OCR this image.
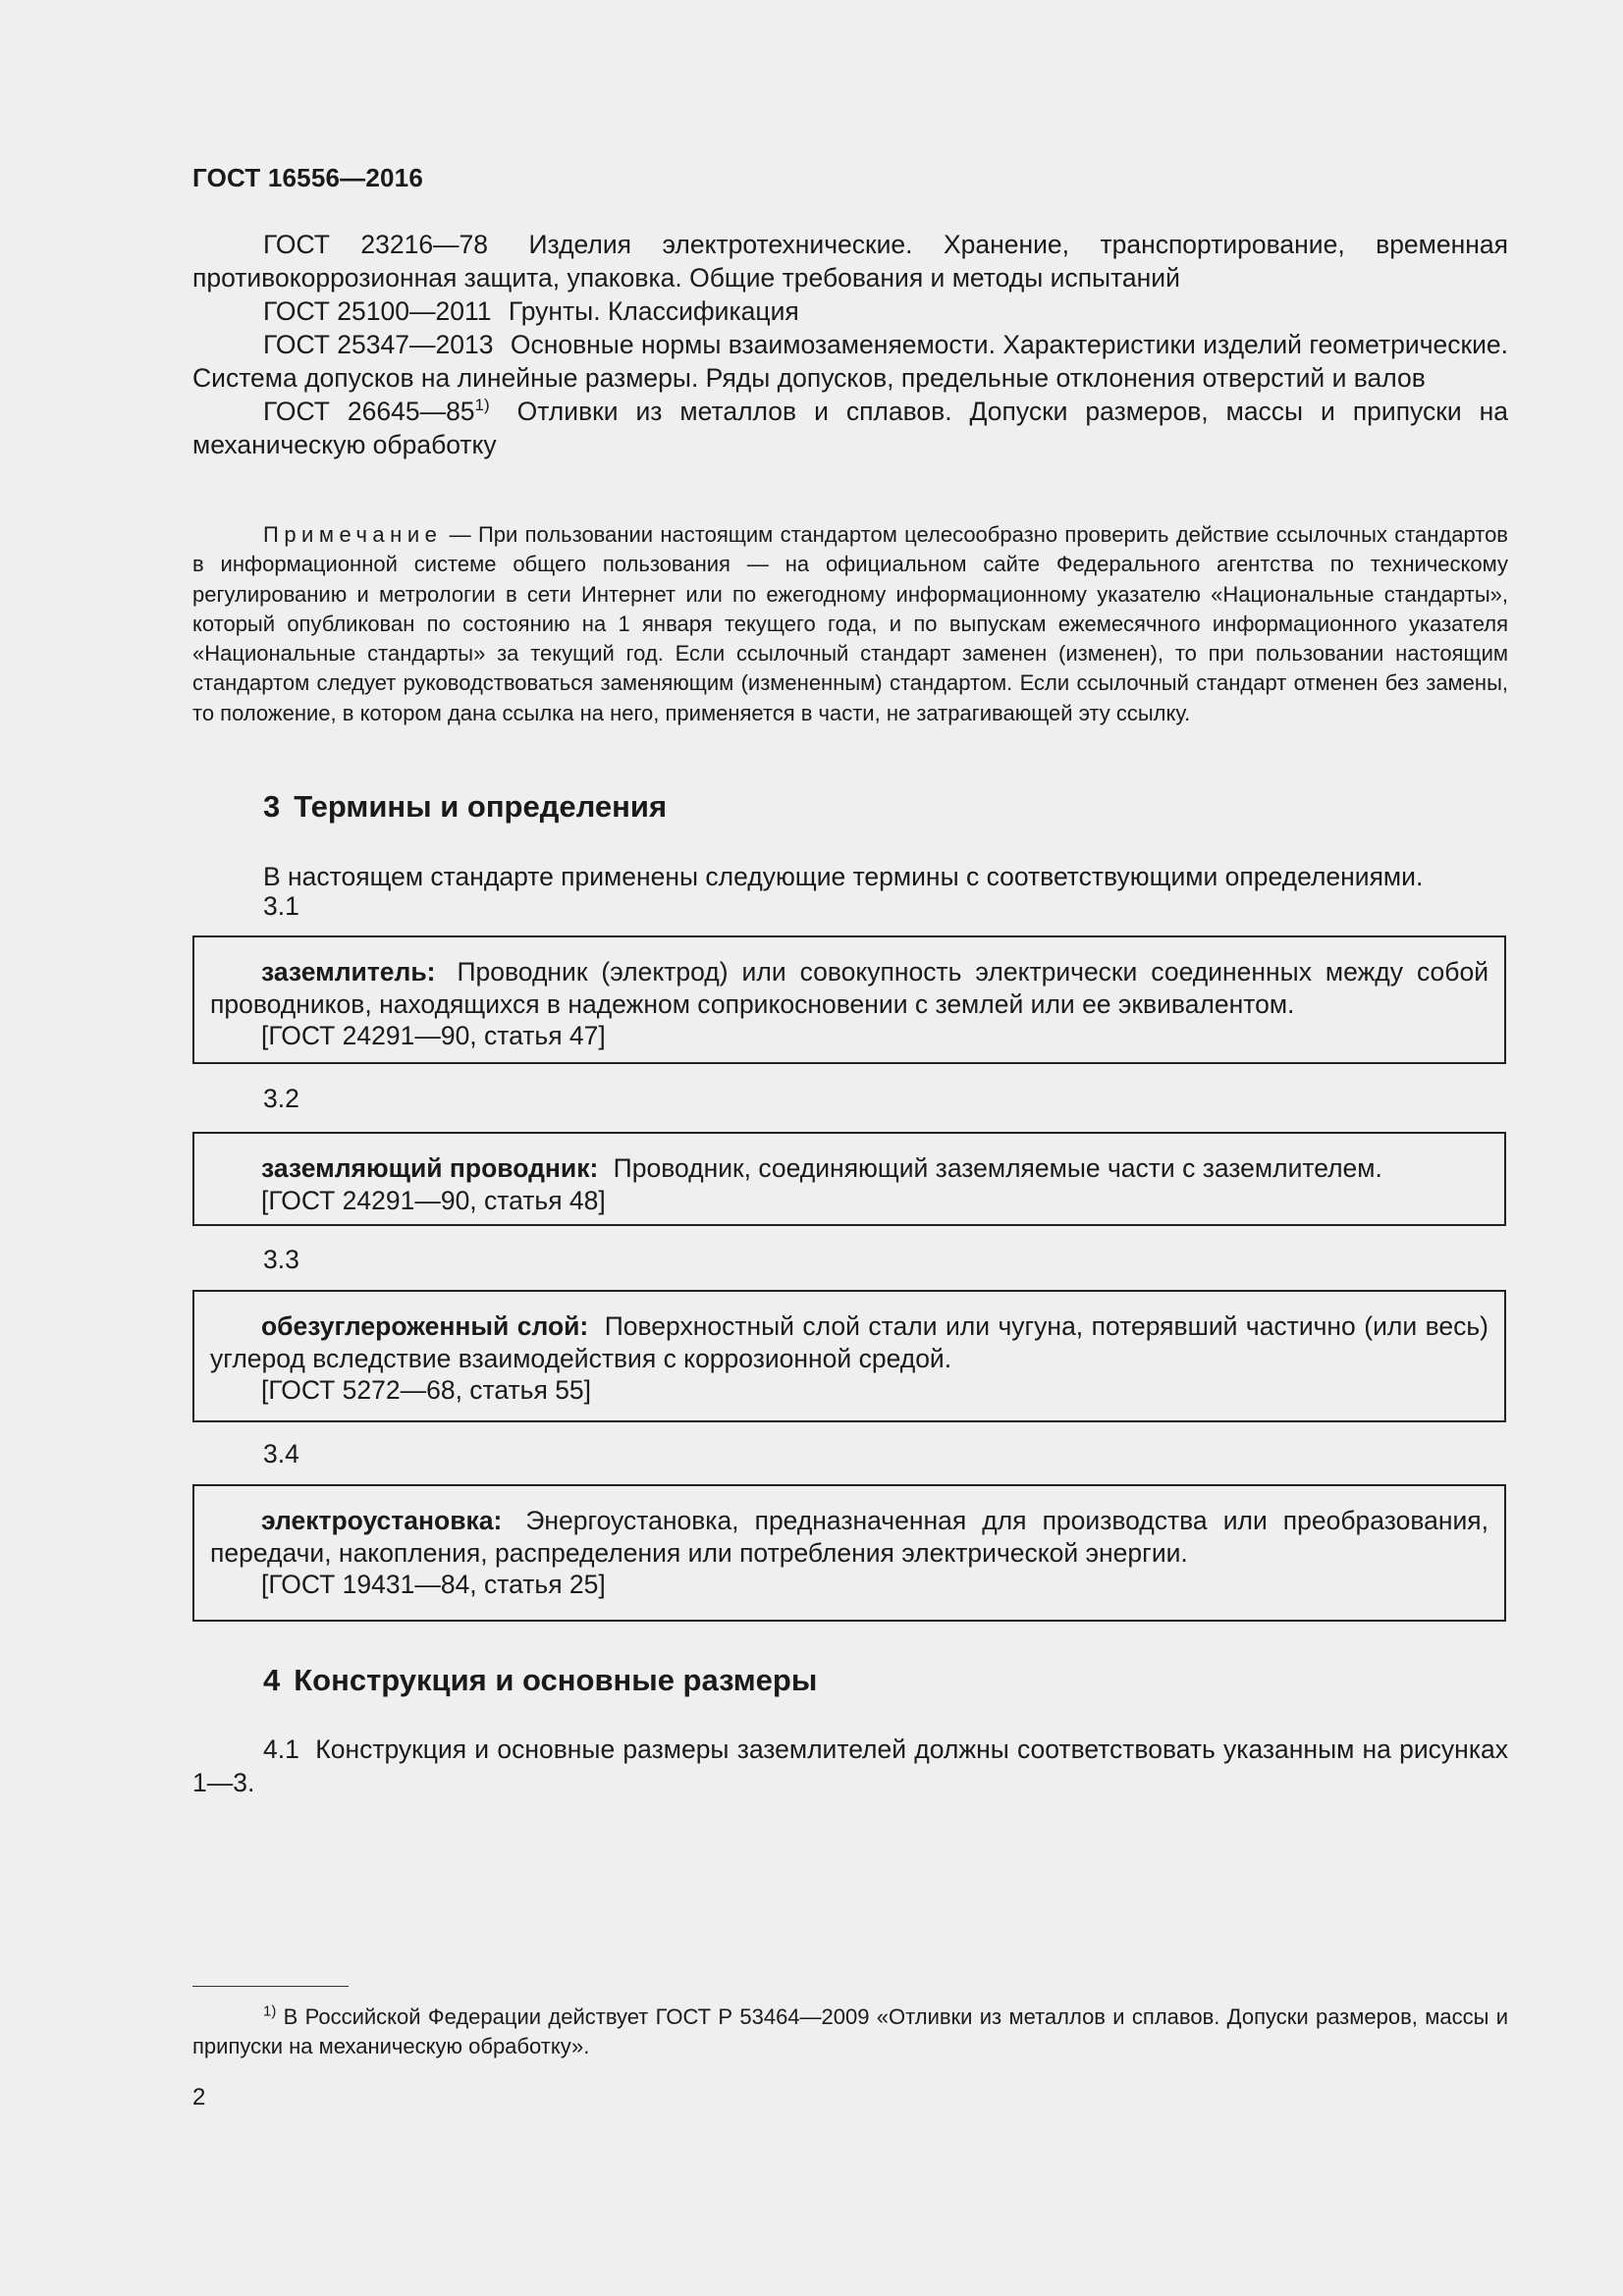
ГОСТ 16556—2016

ГОСТ 23216—78 Изделия электротехнические. Хранение, транспортирование, временная противокоррозионная защита, упаковка. Общие требования и методы испытаний

ГОСТ 25100—2011 Грунты. Классификация

ГОСТ 25347—2013 Основные нормы взаимозаменяемости. Характеристики изделий геометрические. Система допусков на линейные размеры. Ряды допусков, предельные отклонения отверстий и валов

ГОСТ 26645—85$^{1)}$ Отливки из металлов и сплавов. Допуски размеров, массы и припуски на механическую обработку

Примечание — При пользовании настоящим стандартом целесообразно проверить действие ссылочных стандартов в информационной системе общего пользования — на официальном сайте Федерального агентства по техническому регулированию и метрологии в сети Интернет или по ежегодному информационному указателю «Национальные стандарты», который опубликован по состоянию на 1 января текущего года, и по выпускам ежемесячного информационного указателя «Национальные стандарты» за текущий год. Если ссылочный стандарт заменен (изменен), то при пользовании настоящим стандартом следует руководствоваться заменяющим (измененным) стандартом. Если ссылочный стандарт отменен без замены, то положение, в котором дана ссылка на него, применяется в части, не затрагивающей эту ссылку.

3 Термины и определения

В настоящем стандарте применены следующие термины с соответствующими определениями.

3.1

заземлитель: Проводник (электрод) или совокупность электрически соединенных между собой проводников, находящихся в надежном соприкосновении с землей или ее эквивалентом.

[ГОСТ 24291—90, статья 47]

3.2

заземляющий проводник: Проводник, соединяющий заземляемые части с заземлителем.

[ГОСТ 24291—90, статья 48]

3.3

обезуглероженный слой: Поверхностный слой стали или чугуна, потерявший частично (или весь) углерод вследствие взаимодействия с коррозионной средой.

[ГОСТ 5272—68, статья 55]

3.4

электроустановка: Энергоустановка, предназначенная для производства или преобразования, передачи, накопления, распределения или потребления электрической энергии.

[ГОСТ 19431—84, статья 25]

4 Конструкция и основные размеры

4.1 Конструкция и основные размеры заземлителей должны соответствовать указанным на рисунках 1—3.

$^{1)}$ В Российской Федерации действует ГОСТ Р 53464—2009 «Отливки из металлов и сплавов. Допуски размеров, массы и припуски на механическую обработку».

2
